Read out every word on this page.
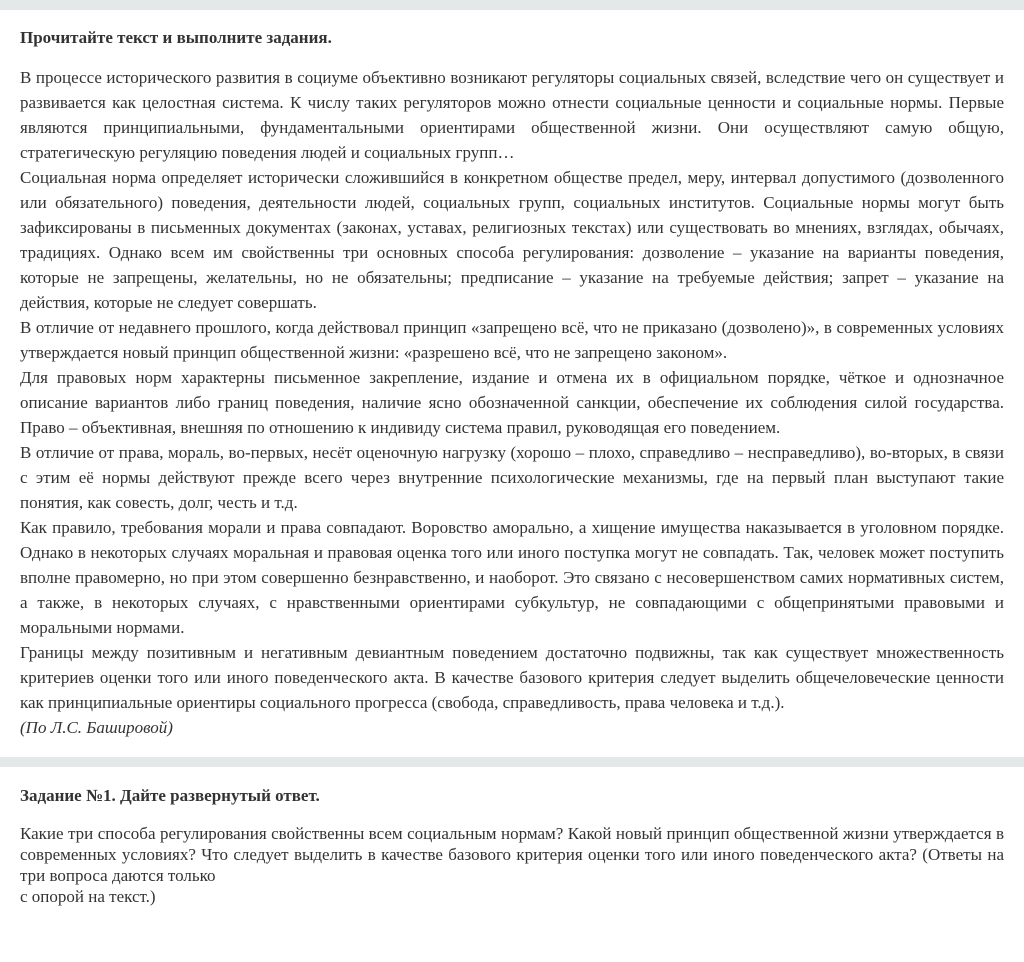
Прочитайте текст и выполните задания.

В процессе исторического развития в социуме объективно возникают регуляторы социальных связей, вследствие чего он существует и развивается как целостная система. К числу таких регуляторов можно отнести социальные ценности и социальные нормы. Первые являются принципиальными, фундаментальными ориентирами общественной жизни. Они осуществляют самую общую, стратегическую регуляцию поведения людей и социальных групп…

Социальная норма определяет исторически сложившийся в конкретном обществе предел, меру, интервал допустимого (дозволенного или обязательного) поведения, деятельности людей, социальных групп, социальных институтов. Социальные нормы могут быть зафиксированы в письменных документах (законах, уставах, религиозных текстах) или существовать во мнениях, взглядах, обычаях, традициях. Однако всем им свойственны три основных способа регулирования: дозволение – указание на варианты поведения, которые не запрещены, желательны, но не обязательны; предписание – указание на требуемые действия; запрет – указание на действия, которые не следует совершать.

В отличие от недавнего прошлого, когда действовал принцип «запрещено всё, что не приказано (дозволено)», в современных условиях утверждается новый принцип общественной жизни: «разрешено всё, что не запрещено законом».

Для правовых норм характерны письменное закрепление, издание и отмена их в официальном порядке, чёткое и однозначное описание вариантов либо границ поведения, наличие ясно обозначенной санкции, обеспечение их соблюдения силой государства. Право – объективная, внешняя по отношению к индивиду система правил, руководящая его поведением.

В отличие от права, мораль, во-первых, несёт оценочную нагрузку (хорошо – плохо, справедливо – несправедливо), во-вторых, в связи с этим её нормы действуют прежде всего через внутренние психологические механизмы, где на первый план выступают такие понятия, как совесть, долг, честь и т.д.

Как правило, требования морали и права совпадают. Воровство аморально, а хищение имущества наказывается в уголовном порядке. Однако в некоторых случаях моральная и правовая оценка того или иного поступка могут не совпадать. Так, человек может поступить вполне правомерно, но при этом совершенно безнравственно, и наоборот. Это связано с несовершенством самих нормативных систем, а также, в некоторых случаях, с нравственными ориентирами субкультур, не совпадающими с общепринятыми правовыми и моральными нормами.

Границы между позитивным и негативным девиантным поведением достаточно подвижны, так как существует множественность критериев оценки того или иного поведенческого акта. В качестве базового критерия следует выделить общечеловеческие ценности как принципиальные ориентиры социального прогресса (свобода, справедливость, права человека и т.д.).

(По Л.С. Башировой)

Задание №1. Дайте развернутый ответ.

Какие три способа регулирования свойственны всем социальным нормам? Какой новый принцип общественной жизни утверждается в современных условиях? Что следует выделить в качестве базового критерия оценки того или иного поведенческого акта? (Ответы на три вопроса даются только

с опорой на текст.)
